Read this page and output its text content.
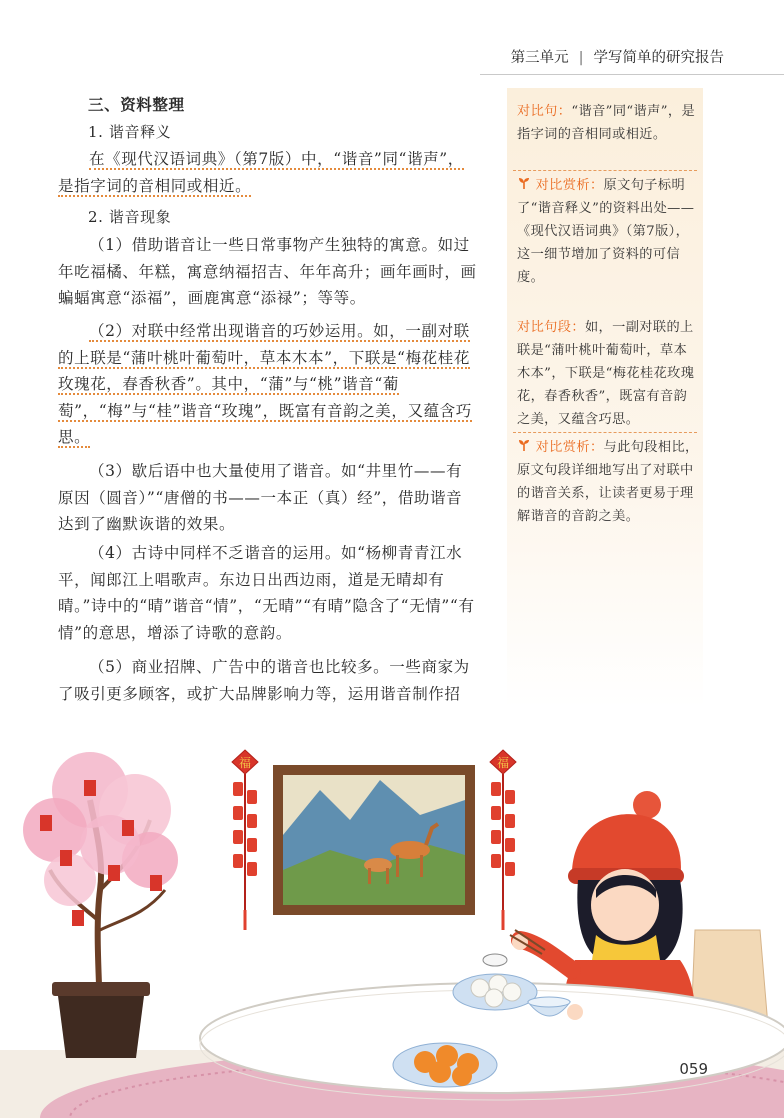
第三单元 | 学写简单的研究报告
三、资料整理
1. 谐音释义
在《现代汉语词典》（第7版）中，“谐音”同“谐声”，是指字词的音相同或相近。
2. 谐音现象
（1）借助谐音让一些日常事物产生独特的寓意。如过年吃福橘、年糕，寓意纳福招吉、年年高升；画年画时，画蝙蝠寓意“添福”，画鹿寓意“添禄”；等等。
（2）对联中经常出现谐音的巧妙运用。如，一副对联的上联是“蒲叶桃叶葡萄叶，草本木本”，下联是“梅花桂花玫瑰花，春香秋香”。其中，“蒲”与“桃”谐音“葡萄”，“梅”与“桂”谐音“玫瑰”，既富有音韵之美，又蕴含巧思。
（3）歇后语中也大量使用了谐音。如“井里竹——有原因（圆音）”“唐僧的书——一本正（真）经”，借助谐音达到了幽默诙谐的效果。
（4）古诗中同样不乏谐音的运用。如“杨柳青青江水平，闻郎江上唱歌声。东边日出西边雨，道是无晴却有晴。”诗中的“晴”谐音“情”，“无晴”“有晴”隐含了“无情”“有情”的意思，增添了诗歌的意韵。
（5）商业招牌、广告中的谐音也比较多。一些商家为了吸引更多顾客，或扩大品牌影响力等，运用谐音制作招
对比句：“谐音”同“谐声”，是指字词的音相同或相近。
对比赏析：原文句子标明了“谐音释义”的资料出处——《现代汉语词典》（第7版），这一细节增加了资料的可信度。
对比句段：如，一副对联的上联是“蒲叶桃叶葡萄叶，草本木本”，下联是“梅花桂花玫瑰花，春香秋香”，既富有音韵之美，又蕴含巧思。
对比赏析：与此句段相比，原文句段详细地写出了对联中的谐音关系，让读者更易于理解谐音的音韵之美。
福	福
059
